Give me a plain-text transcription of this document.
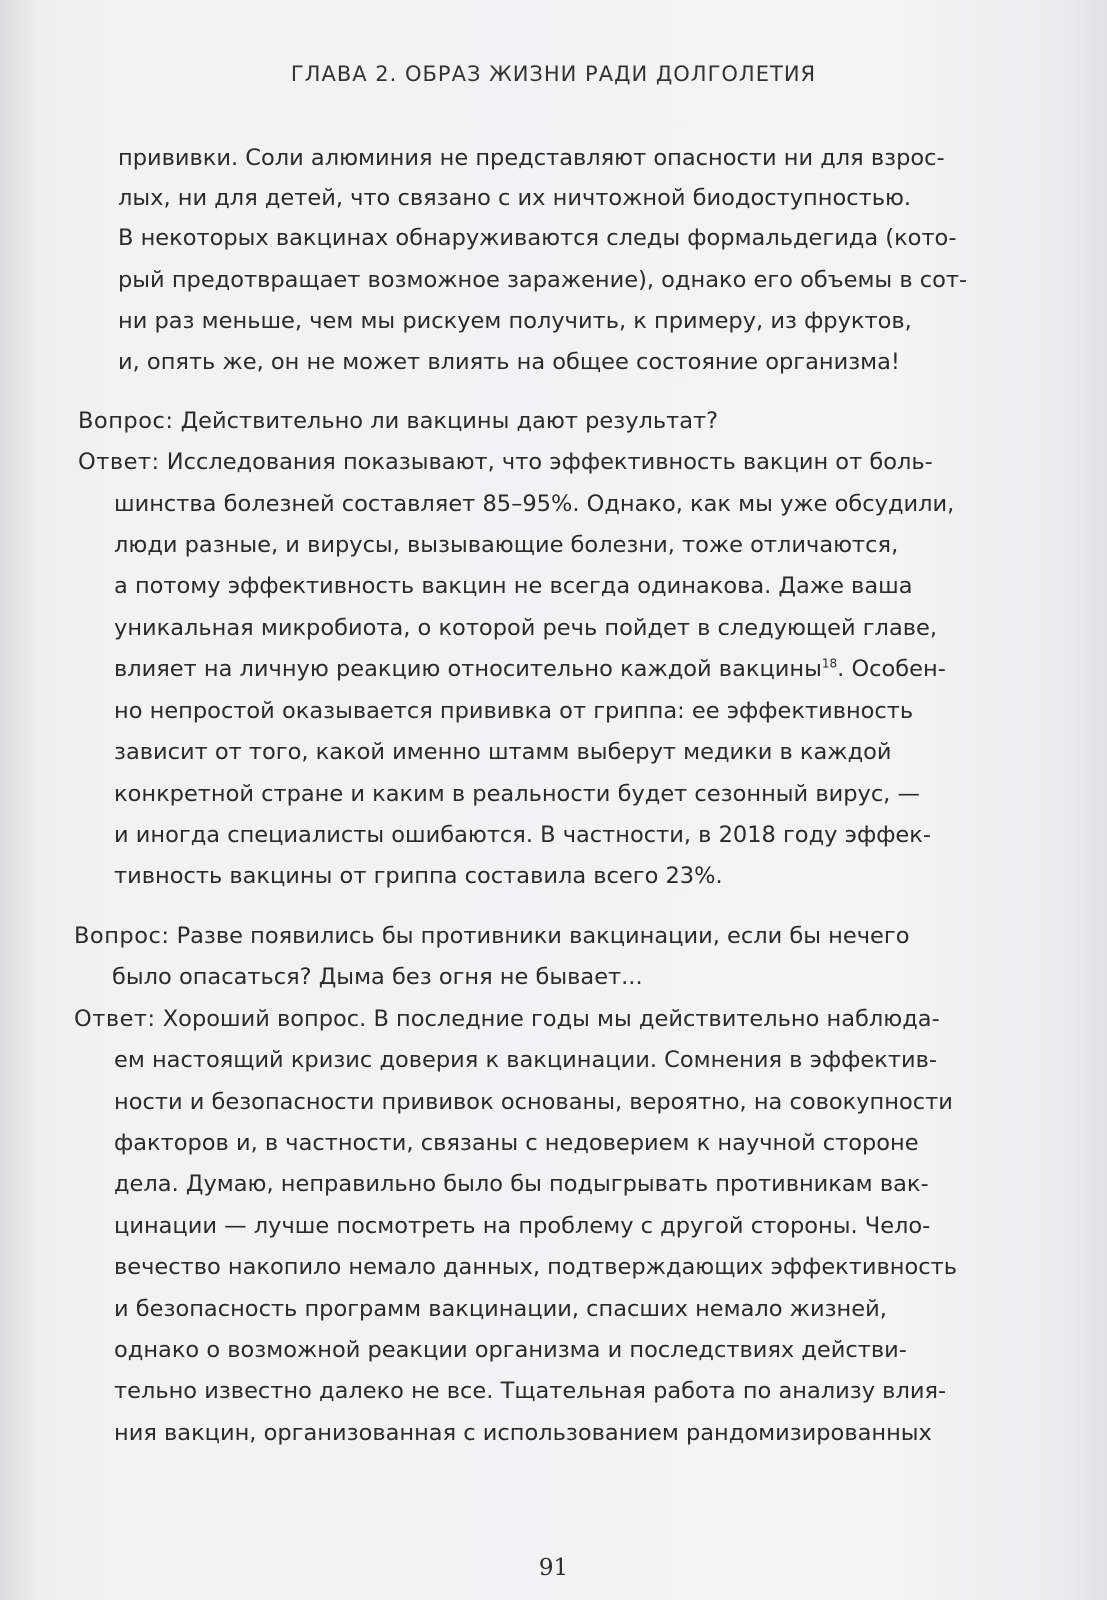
ГЛАВА 2. ОБРАЗ ЖИЗНИ РАДИ ДОЛГОЛЕТИЯ
прививки. Соли алюминия не представляют опасности ни для взрос-
лых, ни для детей, что связано с их ничтожной биодоступностью.
В некоторых вакцинах обнаруживаются следы формальдегида (кото-
рый предотвращает возможное заражение), однако его объемы в сот-
ни раз меньше, чем мы рискуем получить, к примеру, из фруктов,
и, опять же, он не может влиять на общее состояние организма!
Вопрос: Действительно ли вакцины дают результат?
Ответ: Исследования показывают, что эффективность вакцин от боль-
шинства болезней составляет 85–95%. Однако, как мы уже обсудили,
люди разные, и вирусы, вызывающие болезни, тоже отличаются,
а потому эффективность вакцин не всегда одинакова. Даже ваша
уникальная микробиота, о которой речь пойдет в следующей главе,
влияет на личную реакцию относительно каждой вакцины$^{18}$. Особен-
но непростой оказывается прививка от гриппа: ее эффективность
зависит от того, какой именно штамм выберут медики в каждой
конкретной стране и каким в реальности будет сезонный вирус, —
и иногда специалисты ошибаются. В частности, в 2018 году эффек-
тивность вакцины от гриппа составила всего 23%.
Вопрос: Разве появились бы противники вакцинации, если бы нечего
было опасаться? Дыма без огня не бывает...
Ответ: Хороший вопрос. В последние годы мы действительно наблюда-
ем настоящий кризис доверия к вакцинации. Сомнения в эффектив-
ности и безопасности прививок основаны, вероятно, на совокупности
факторов и, в частности, связаны с недоверием к научной стороне
дела. Думаю, неправильно было бы подыгрывать противникам вак-
цинации — лучше посмотреть на проблему с другой стороны. Чело-
вечество накопило немало данных, подтверждающих эффективность
и безопасность программ вакцинации, спасших немало жизней,
однако о возможной реакции организма и последствиях действи-
тельно известно далеко не все. Тщательная работа по анализу влия-
ния вакцин, организованная с использованием рандомизированных
91
